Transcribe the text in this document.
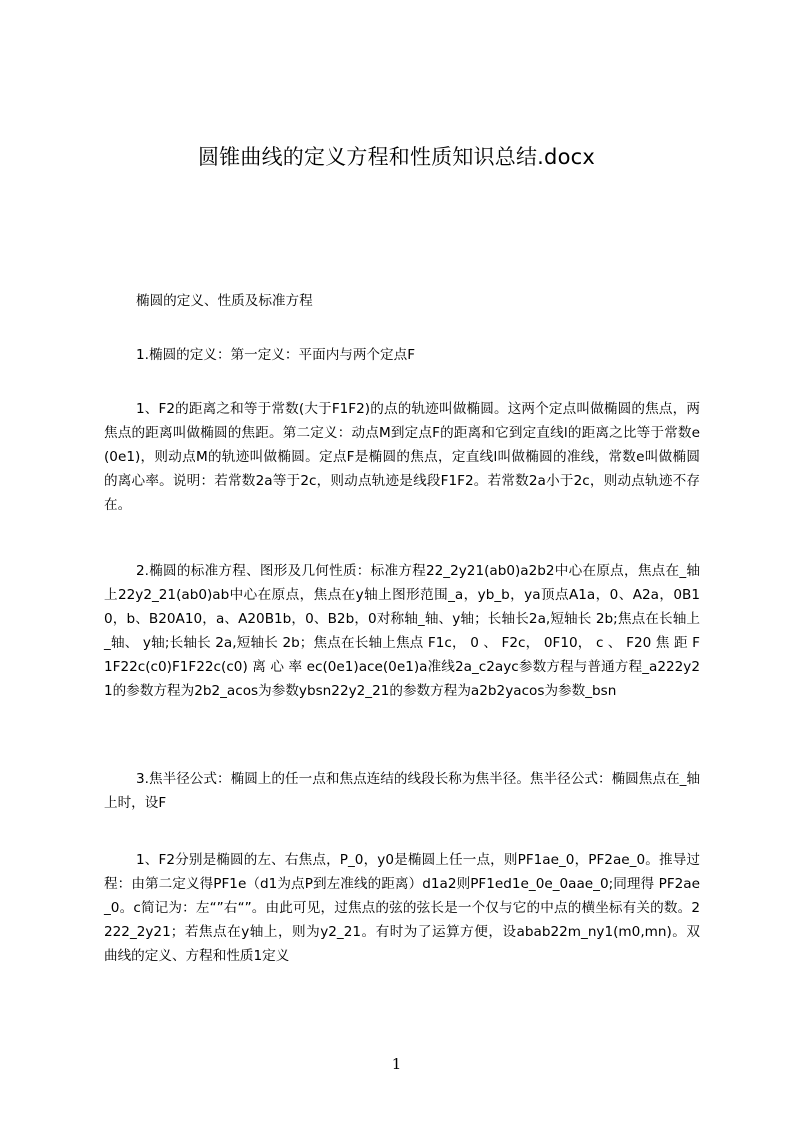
圆锥曲线的定义方程和性质知识总结.docx

椭圆的定义、性质及标准方程

1.椭圆的定义：第一定义：平面内与两个定点F

1、F2的距离之和等于常数(大于F1F2)的点的轨迹叫做椭圆。这两个定点叫做椭圆的焦点，两焦点的距离叫做椭圆的焦距。第二定义：动点M到定点F的距离和它到定直线l的距离之比等于常数e(0e1)，则动点M的轨迹叫做椭圆。定点F是椭圆的焦点，定直线l叫做椭圆的准线，常数e叫做椭圆的离心率。说明：若常数2a等于2c，则动点轨迹是线段F1F2。若常数2a小于2c，则动点轨迹不存在。

2.椭圆的标准方程、图形及几何性质：标准方程22_2y21(ab0)a2b2中心在原点，焦点在_轴上22y2_21(ab0)ab中心在原点，焦点在y轴上图形范围_a，yb_b，ya顶点A1a，0、A2a，0B10，b、B20A10，a、A20B1b，0、B2b，0对称轴_轴、y轴；长轴长2a,短轴长 2b;焦点在长轴上_轴、 y轴;长轴长 2a,短轴长 2b；焦点在长轴上焦点 F1c， 0 、 F2c， 0F10， c 、 F20 焦 距 F1F22c(c0)F1F22c(c0) 离 心 率 ec(0e1)ace(0e1)a准线2a_c2ayc参数方程与普通方程_a222y21的参数方程为2b2_acos为参数ybsn22y2_21的参数方程为a2b2yacos为参数_bsn

3.焦半径公式：椭圆上的任一点和焦点连结的线段长称为焦半径。焦半径公式：椭圆焦点在_轴上时，设F

1、F2分别是椭圆的左、右焦点，P_0，y0是椭圆上任一点，则PF1ae_0，PF2ae_0。推导过程：由第二定义得PF1e（d1为点P到左准线的距离）d1a2则PF1ed1e_0e_0aae_0;同理得 PF2ae_0。c简记为：左“”右“”。由此可见，过焦点的弦的弦长是一个仅与它的中点的横坐标有关的数。2222_2y21；若焦点在y轴上，则为y2_21。有时为了运算方便，设abab22m_ny1(m0,mn)。双曲线的定义、方程和性质1定义

1
